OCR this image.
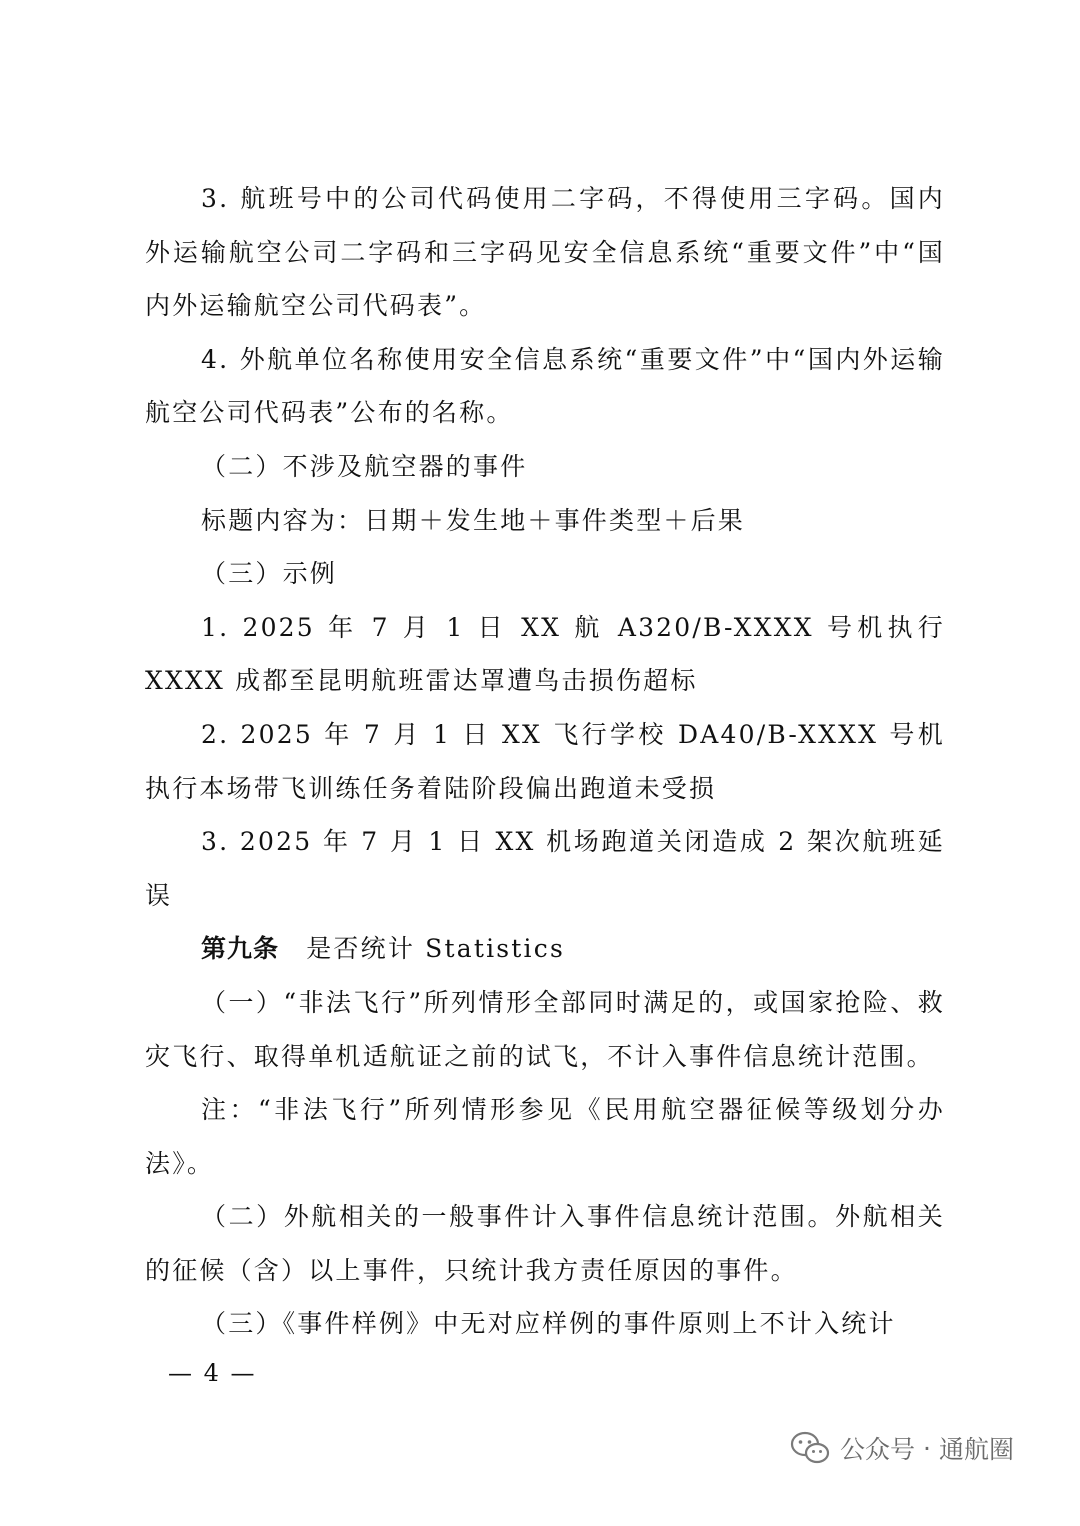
3. 航班号中的公司代码使用二字码，不得使用三字码。国内外运输航空公司二字码和三字码见安全信息系统“重要文件”中“国内外运输航空公司代码表”。

4. 外航单位名称使用安全信息系统“重要文件”中“国内外运输航空公司代码表”公布的名称。

（二）不涉及航空器的事件

标题内容为：日期＋发生地＋事件类型＋后果

（三）示例

1. 2025 年 7 月 1 日 XX 航 A320/B-XXXX 号机执行 XXXX 成都至昆明航班雷达罩遭鸟击损伤超标

2. 2025 年 7 月 1 日 XX 飞行学校 DA40/B-XXXX 号机执行本场带飞训练任务着陆阶段偏出跑道未受损

3. 2025 年 7 月 1 日 XX 机场跑道关闭造成 2 架次航班延误

第九条　是否统计 Statistics

（一）“非法飞行”所列情形全部同时满足的，或国家抢险、救灾飞行、取得单机适航证之前的试飞，不计入事件信息统计范围。

注：“非法飞行”所列情形参见《民用航空器征候等级划分办法》。

（二）外航相关的一般事件计入事件信息统计范围。外航相关的征候（含）以上事件，只统计我方责任原因的事件。

（三）《事件样例》中无对应样例的事件原则上不计入统计

— 4 —
公众号 · 通航圈
